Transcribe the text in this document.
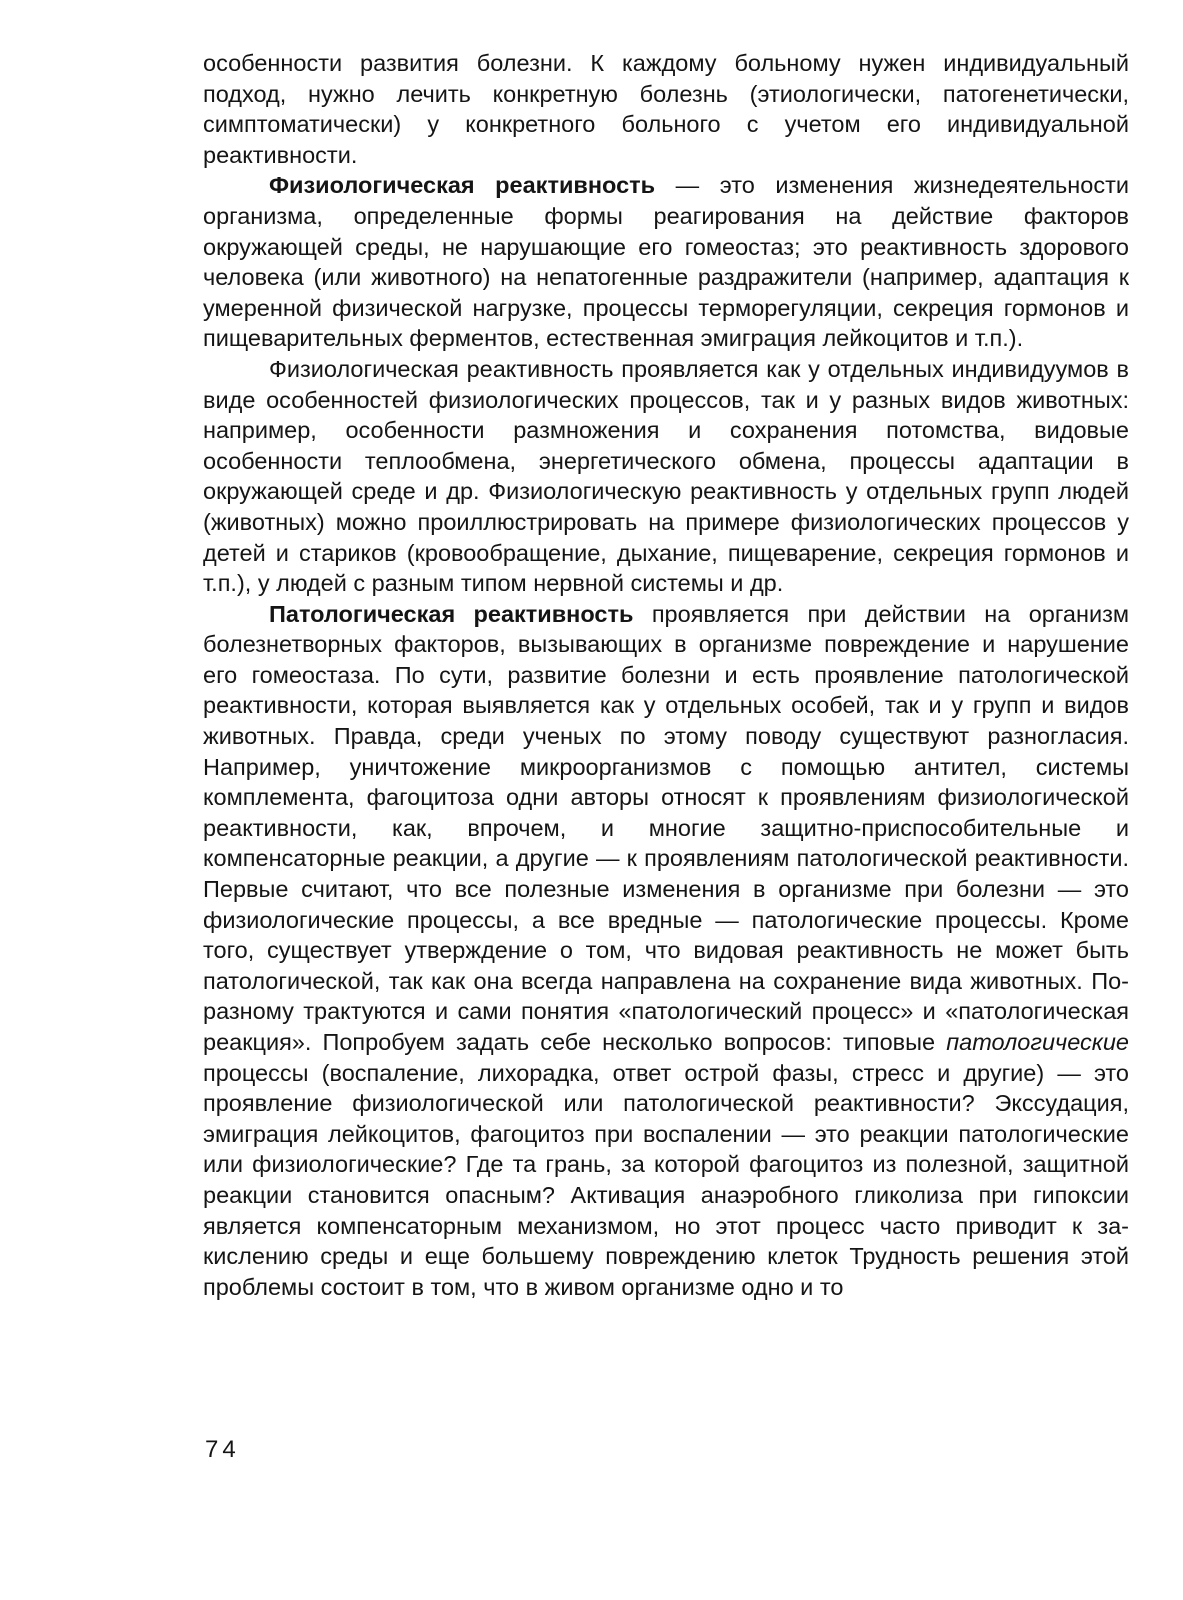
особенности развития болезни. К каждому больному нужен индивидуальный подход, нужно лечить конкретную болезнь (этиологически, патогенетически, симптоматически) у конкретного больного с учетом его индивидуальной реактивности.

Физиологическая реактивность — это изменения жизнедеятельности организма, определенные формы реагирования на действие факторов окружающей среды, не нарушающие его гомеостаз; это реактивность здорового человека (или животного) на непатогенные раздражители (например, адаптация к умеренной физической нагрузке, процессы терморегуляции, секреция гормонов и пищеварительных ферментов, естественная эмиграция лейкоцитов и т.п.).

Физиологическая реактивность проявляется как у отдельных индивидуумов в виде особенностей физиологических процессов, так и у разных видов животных: например, особенности размножения и сохранения потомства, видовые особенности теплообмена, энергетического обмена, процессы адаптации в окружающей среде и др. Физиологическую реактивность у отдельных групп людей (животных) можно проиллюстрировать на примере физиологических процессов у детей и стариков (кровообращение, дыхание, пищеварение, секреция гормонов и т.п.), у людей с разным типом нервной системы и др.

Патологическая реактивность проявляется при действии на организм болезнетворных факторов, вызывающих в организме повреждение и нарушение его гомеостаза. По сути, развитие болезни и есть проявление патологической реактивности, которая выявляется как у отдельных особей, так и у групп и видов животных. Правда, среди ученых по этому поводу существуют разногласия. Например, уничтожение микроорганизмов с помощью антител, системы комплемента, фагоцитоза одни авторы относят к проявлениям физиологической реактивности, как, впрочем, и многие защитно-приспособительные и компенсаторные реакции, а другие — к проявлениям патологической реактивности. Первые считают, что все полезные изменения в организме при болезни — это физиологические процессы, а все вредные — патологические процессы. Кроме того, существует утверждение о том, что видовая реактивность не может быть патологической, так как она всегда направлена на сохранение вида животных. По-разному трактуются и сами понятия «патологический процесс» и «патологическая реакция». Попробуем задать себе несколько вопросов: типовые патологические процессы (воспаление, лихорадка, ответ острой фазы, стресс и другие) — это проявление физиологической или патологической реактивности? Экссудация, эмиграция лейкоцитов, фагоцитоз при воспалении — это реакции патологические или физиологические? Где та грань, за которой фагоцитоз из полезной, защитной реакции становится опасным? Активация анаэробного гликолиза при гипоксии является компенсаторным механизмом, но этот процесс часто приводит к закислению среды и еще большему повреждению клеток Трудность решения этой проблемы состоит в том, что в живом организме одно и то

74
